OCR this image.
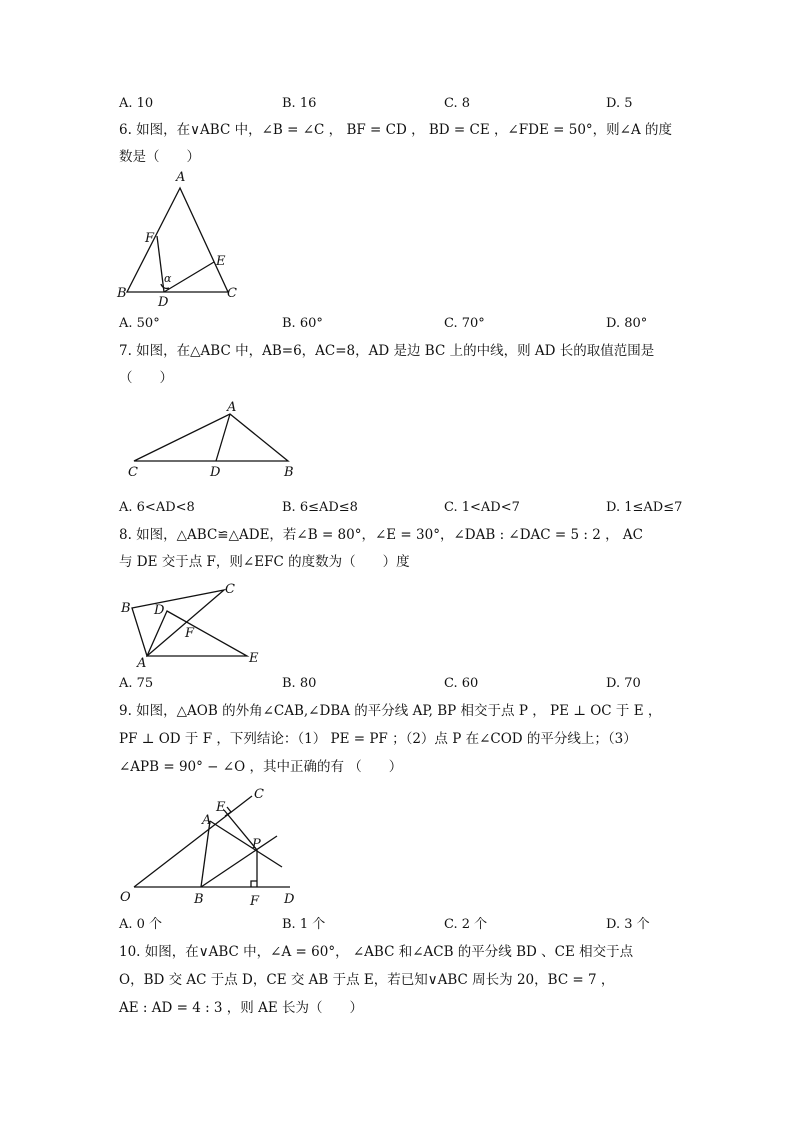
A. 10	B. 16	C. 8	D. 5
6. 如图，在∨ABC 中，∠B = ∠C ， BF = CD ， BD = CE ，∠FDE = 50°，则∠A 的度
数是（　　）
A
F
E
α
B
D
C
A. 50°	B. 60°	C. 70°	D. 80°
7. 如图，在△ABC 中，AB=6，AC=8，AD 是边 BC 上的中线，则 AD 长的取值范围是
（　　）
A
C	D	B
A. 6<AD<8	B. 6≤AD≤8	C. 1<AD<7	D. 1≤AD≤7
8. 如图，△ABC≌△ADE，若∠B = 80°，∠E = 30°，∠DAB : ∠DAC = 5 : 2 ， AC
与 DE 交于点 F，则∠EFC 的度数为（　　）度
B
C
D
F
A	E
A. 75	B. 80	C. 60	D. 70
9. 如图，△AOB 的外角∠CAB,∠DBA 的平分线 AP, BP 相交于点 P ， PE ⊥ OC 于 E ，
PF ⊥ OD 于 F ，下列结论：（1） PE = PF ；（2）点 P 在∠COD 的平分线上；（3）
∠APB = 90° − ∠O ，其中正确的有 （　　）
C
E
A
P
O	B	F D
A. 0 个	B. 1 个	C. 2 个	D. 3 个
10. 如图，在∨ABC 中，∠A = 60°， ∠ABC 和∠ACB 的平分线 BD 、CE 相交于点
O，BD 交 AC 于点 D，CE 交 AB 于点 E，若已知∨ABC 周长为 20，BC = 7 ，
AE : AD = 4 : 3 ，则 AE 长为（　　）
